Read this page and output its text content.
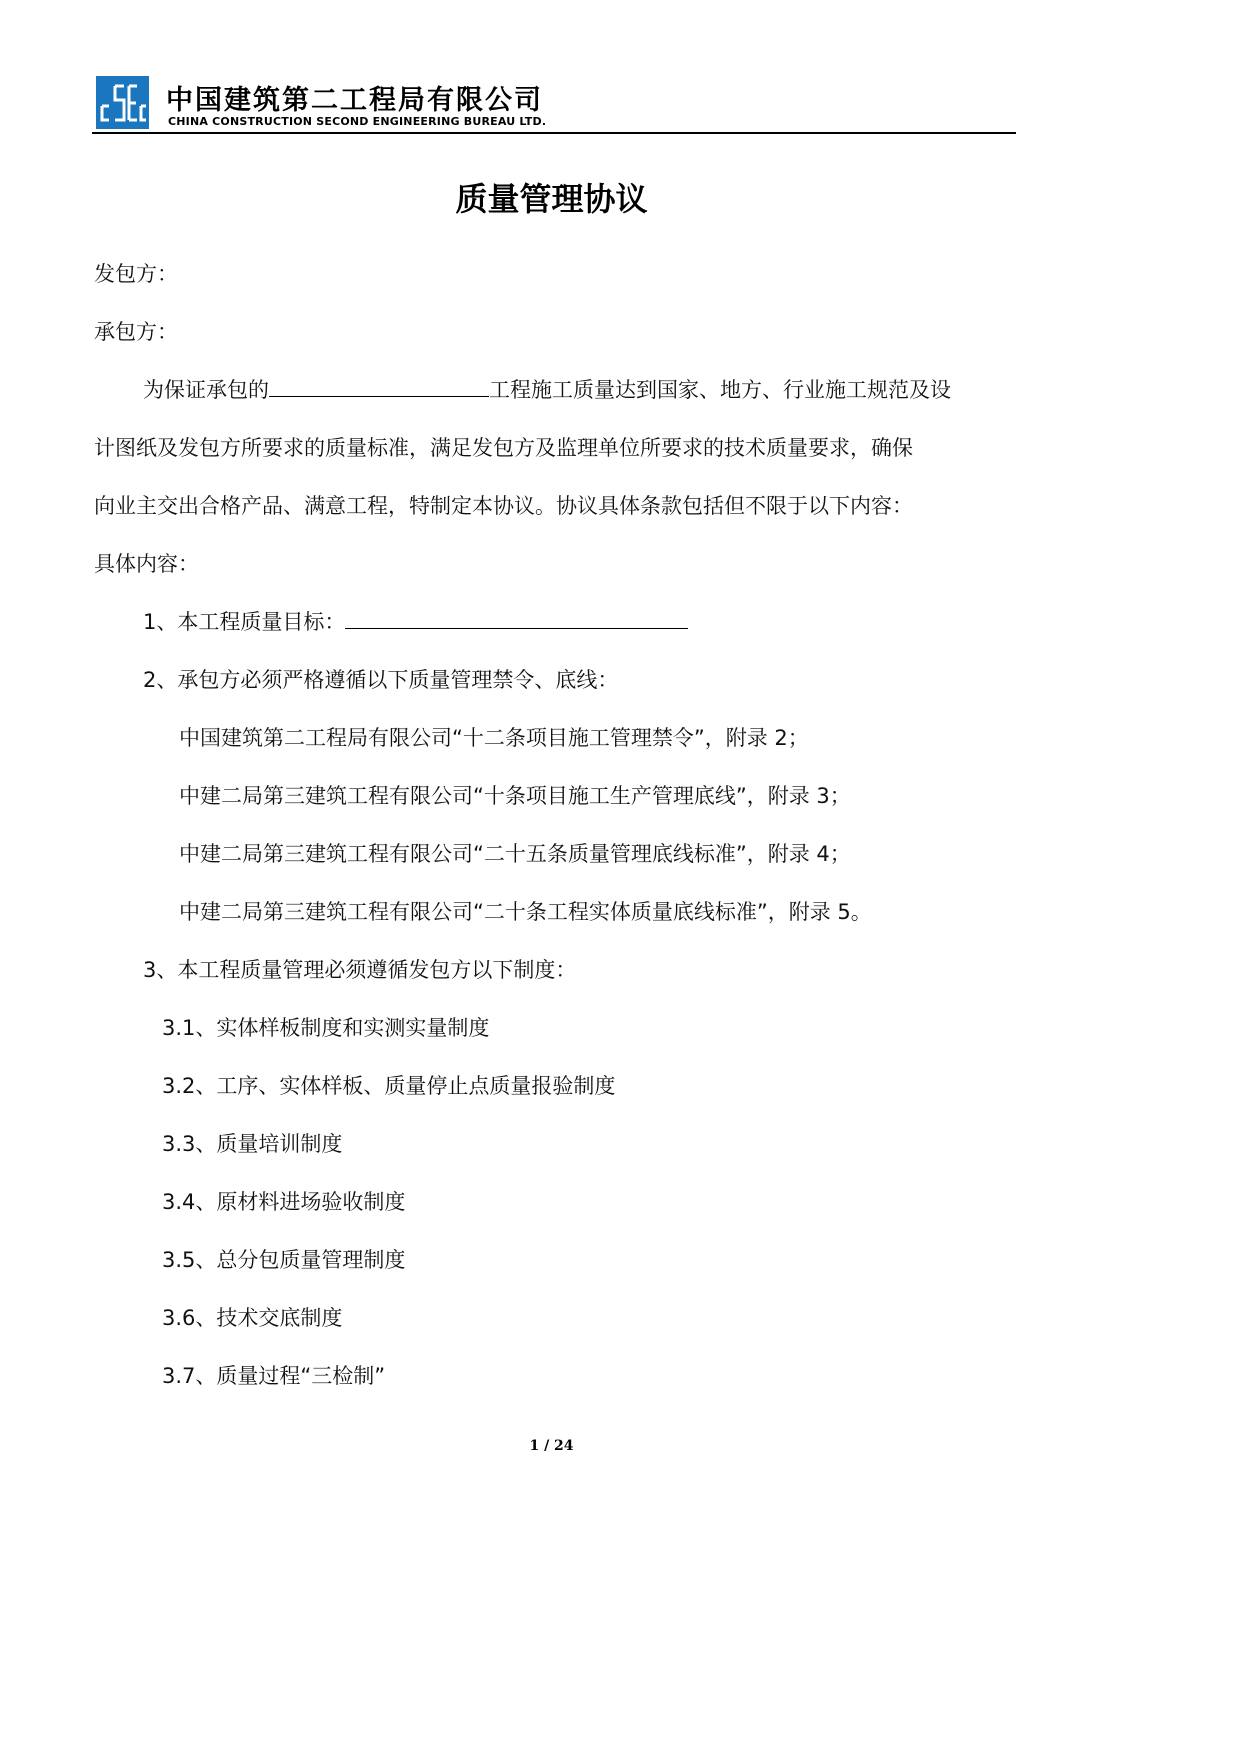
中国建筑第二工程局有限公司
CHINA CONSTRUCTION SECOND ENGINEERING BUREAU LTD.
质量管理协议
发包方：
承包方：
为保证承包的	工程施工质量达到国家、地方、行业施工规范及设
计图纸及发包方所要求的质量标准，满足发包方及监理单位所要求的技术质量要求，确保
向业主交出合格产品、满意工程，特制定本协议。协议具体条款包括但不限于以下内容：
具体内容：
1、本工程质量目标：
2、承包方必须严格遵循以下质量管理禁令、底线：
中国建筑第二工程局有限公司“十二条项目施工管理禁令”，附录 2；
中建二局第三建筑工程有限公司“十条项目施工生产管理底线”，附录 3；
中建二局第三建筑工程有限公司“二十五条质量管理底线标准”，附录 4；
中建二局第三建筑工程有限公司“二十条工程实体质量底线标准”，附录 5。
3、本工程质量管理必须遵循发包方以下制度：
3.1、实体样板制度和实测实量制度
3.2、工序、实体样板、质量停止点质量报验制度
3.3、质量培训制度
3.4、原材料进场验收制度
3.5、总分包质量管理制度
3.6、技术交底制度
3.7、质量过程“三检制”
1 / 24
